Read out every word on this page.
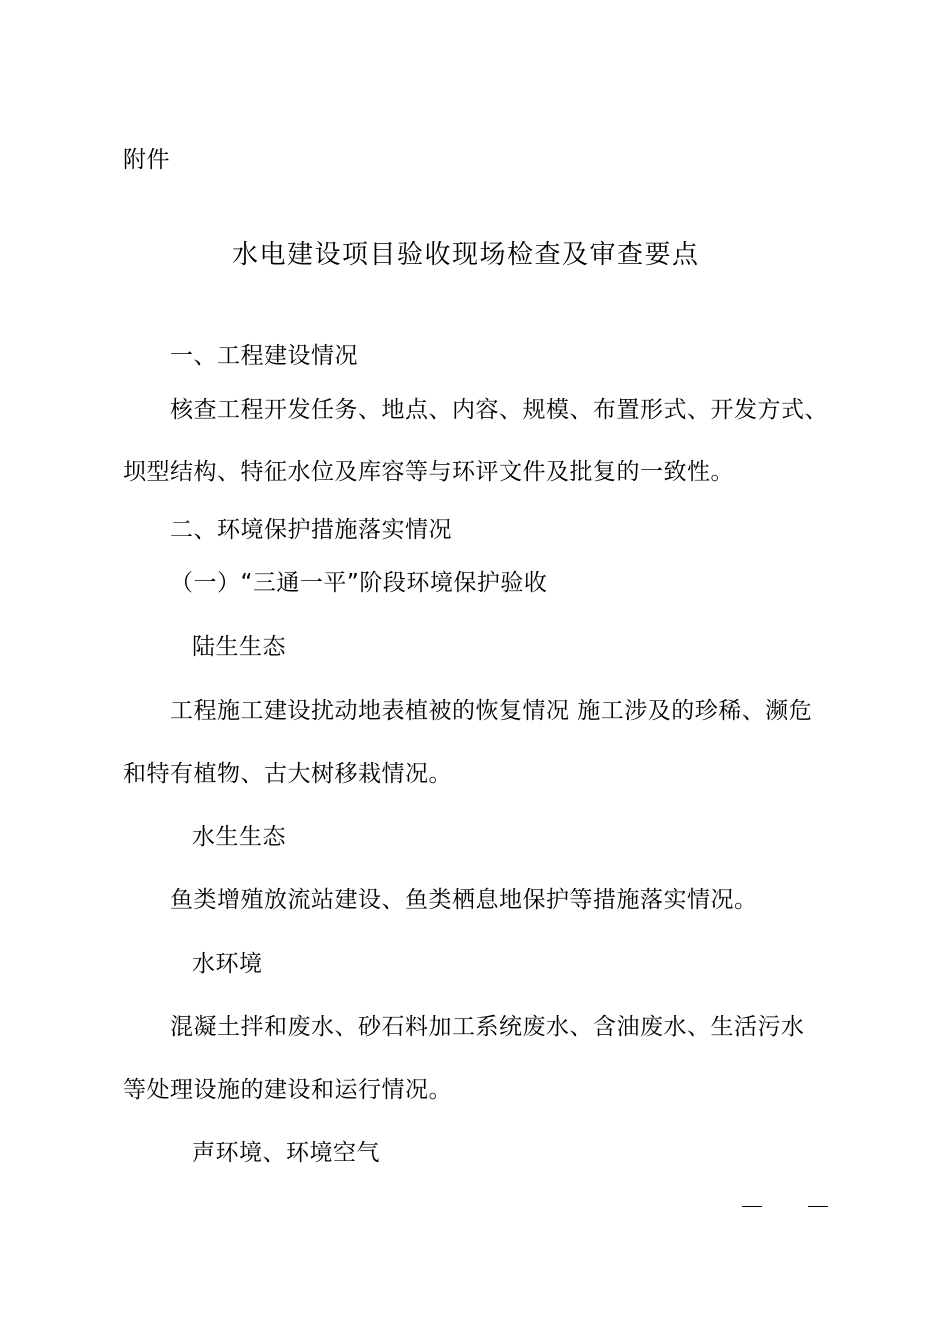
附件
水电建设项目验收现场检查及审查要点
一、工程建设情况
核查工程开发任务、地点、内容、规模、布置形式、开发方式、
坝型结构、特征水位及库容等与环评文件及批复的一致性。
二、环境保护措施落实情况
（一）“三通一平”阶段环境保护验收
陆生生态
工程施工建设扰动地表植被的恢复情况 施工涉及的珍稀、濒危
和特有植物、古大树移栽情况。
水生生态
鱼类增殖放流站建设、鱼类栖息地保护等措施落实情况。
水环境
混凝土拌和废水、砂石料加工系统废水、含油废水、生活污水
等处理设施的建设和运行情况。
声环境、环境空气
